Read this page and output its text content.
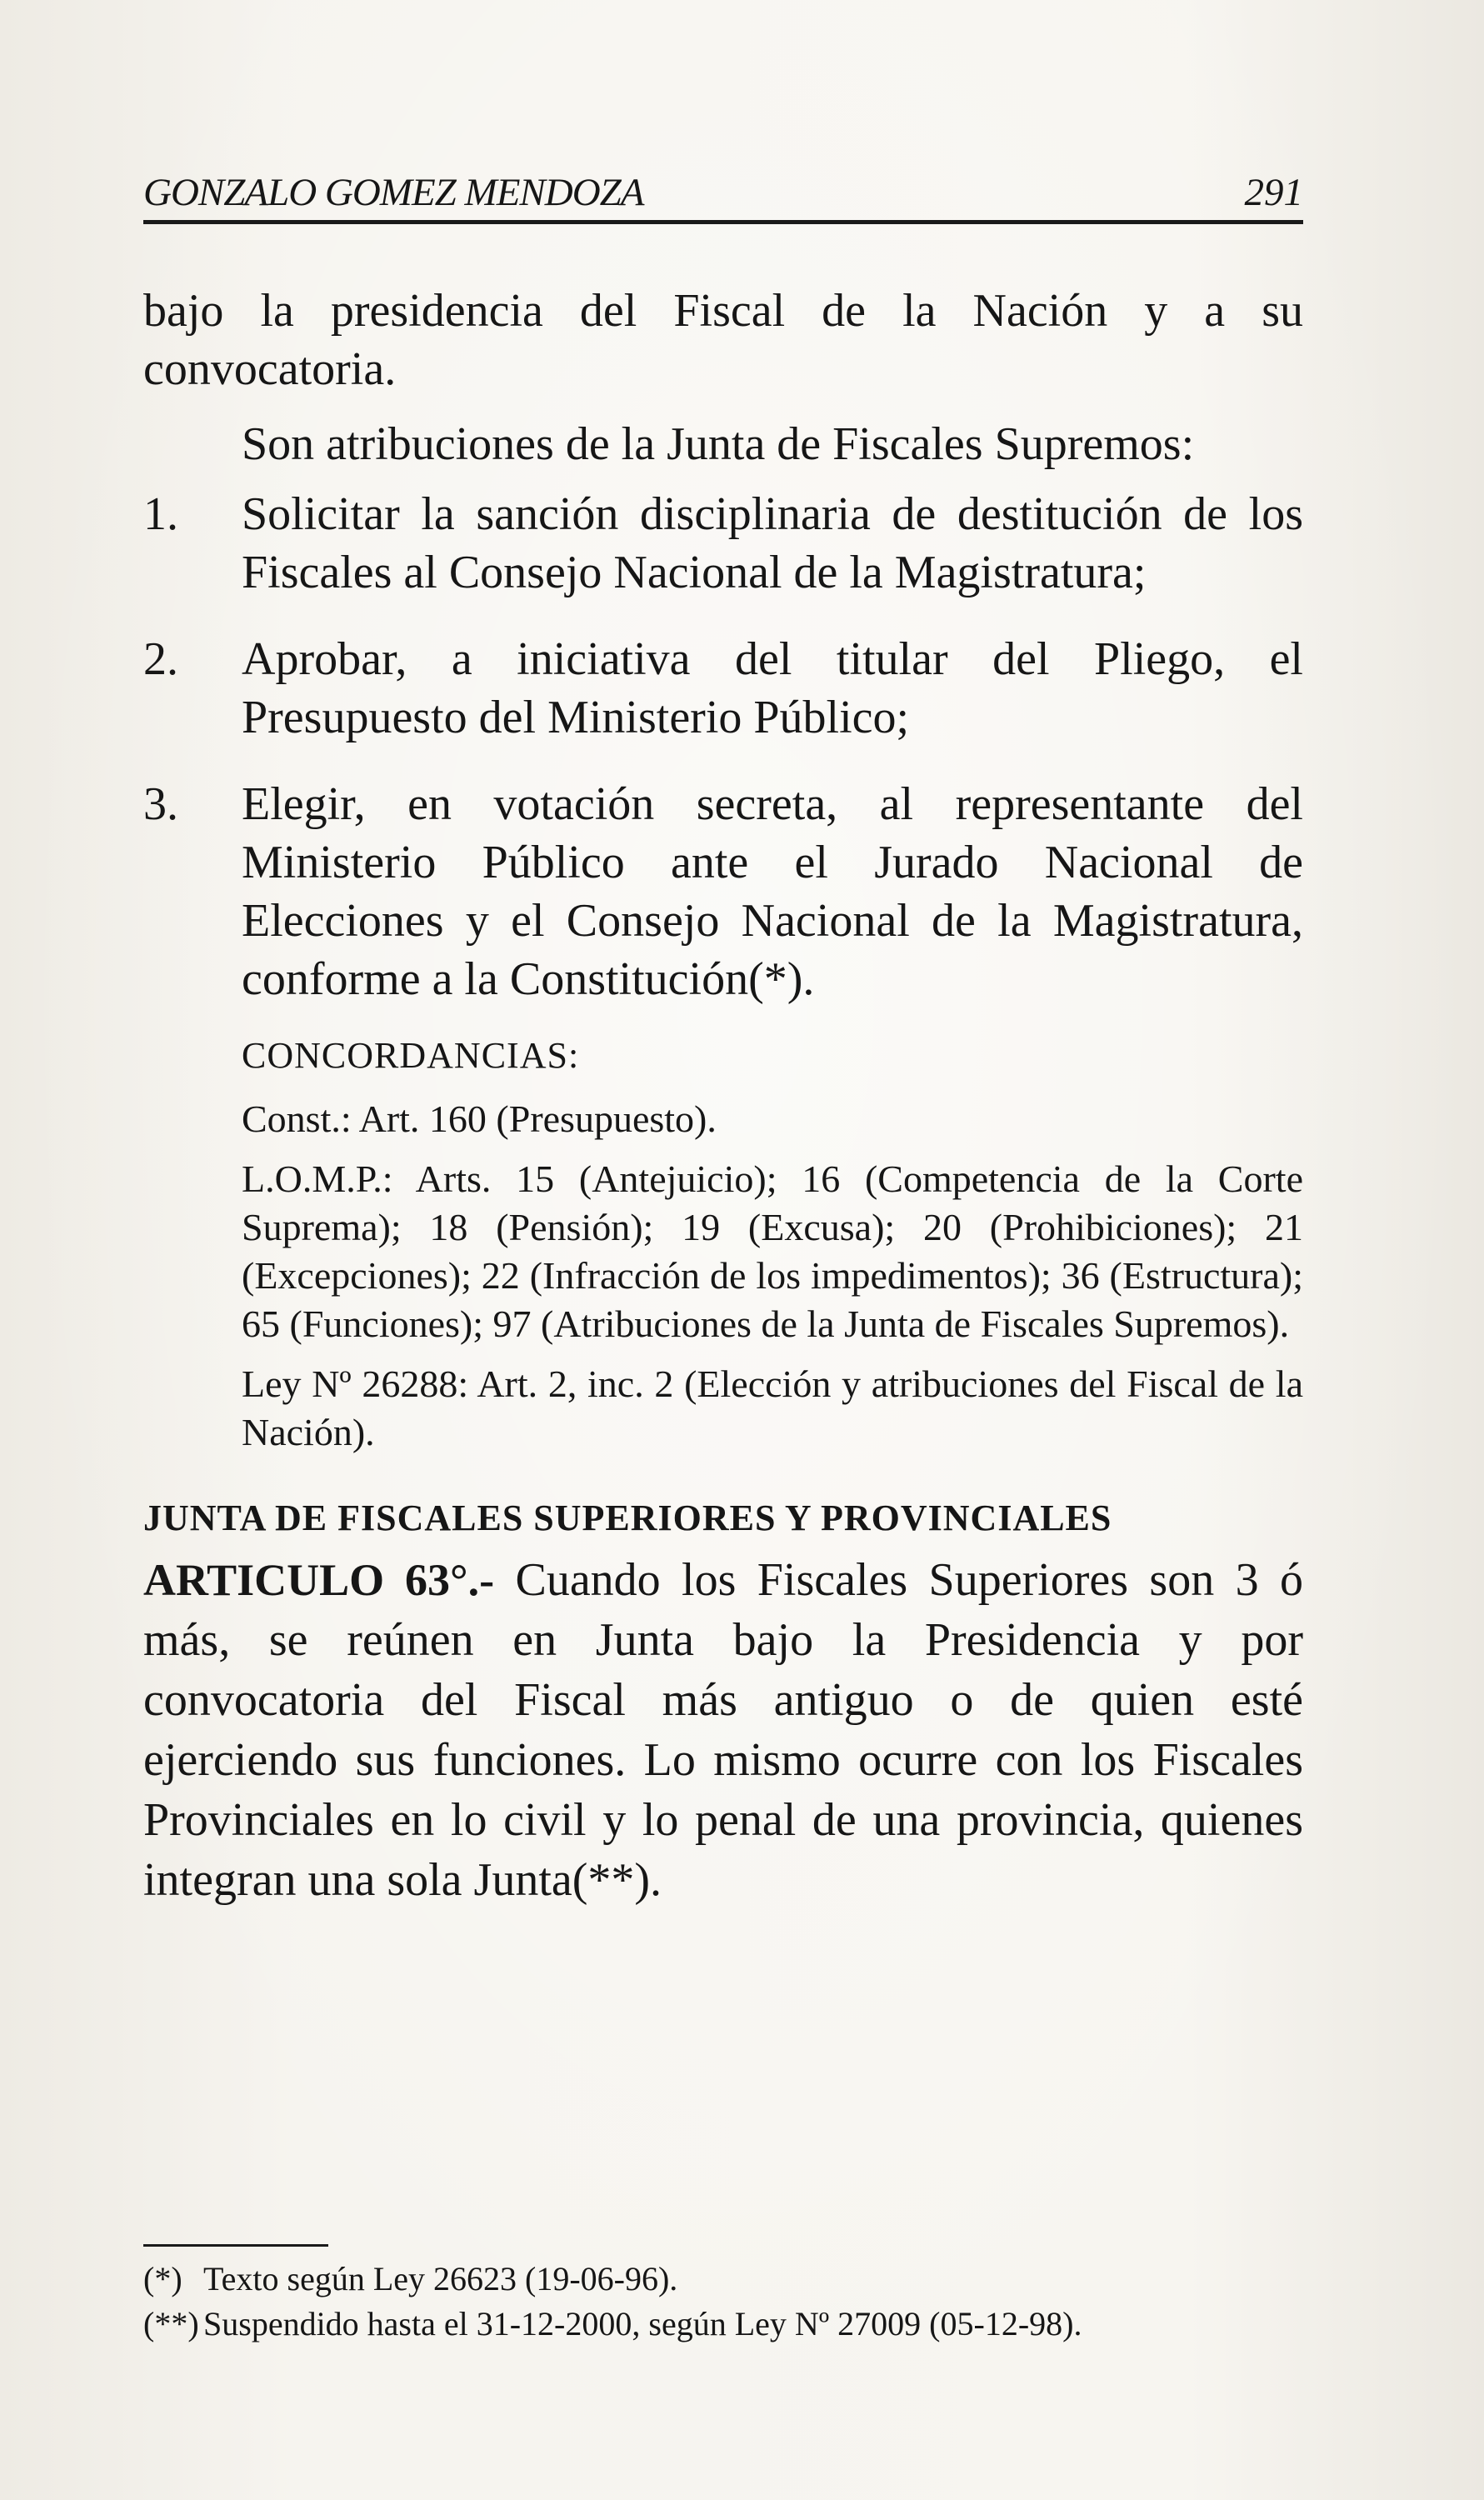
GONZALO GOMEZ MENDOZA	291

bajo la presidencia del Fiscal de la Nación y a su convocatoria.

Son atribuciones de la Junta de Fiscales Supremos:

1. Solicitar la sanción disciplinaria de destitución de los Fiscales al Consejo Nacional de la Magistratura;
2. Aprobar, a iniciativa del titular del Pliego, el Presupuesto del Ministerio Público;
3. Elegir, en votación secreta, al representante del Ministerio Público ante el Jurado Nacional de Elecciones y el Consejo Nacional de la Magistratura, conforme a la Constitución(*).

CONCORDANCIAS:

Const.: Art. 160 (Presupuesto).

L.O.M.P.: Arts. 15 (Antejuicio); 16 (Competencia de la Corte Suprema); 18 (Pensión); 19 (Excusa); 20 (Prohibiciones); 21 (Excepciones); 22 (Infracción de los impedimentos); 36 (Estructura); 65 (Funciones); 97 (Atribuciones de la Junta de Fiscales Supremos).

Ley Nº 26288: Art. 2, inc. 2 (Elección y atribuciones del Fiscal de la Nación).

JUNTA DE FISCALES SUPERIORES Y PROVINCIALES

ARTICULO 63°.- Cuando los Fiscales Superiores son 3 ó más, se reúnen en Junta bajo la Presidencia y por convocatoria del Fiscal más antiguo o de quien esté ejerciendo sus funciones. Lo mismo ocurre con los Fiscales Provinciales en lo civil y lo penal de una provincia, quienes integran una sola Junta(**).

(*) Texto según Ley 26623 (19-06-96).

(**) Suspendido hasta el 31-12-2000, según Ley Nº 27009 (05-12-98).
